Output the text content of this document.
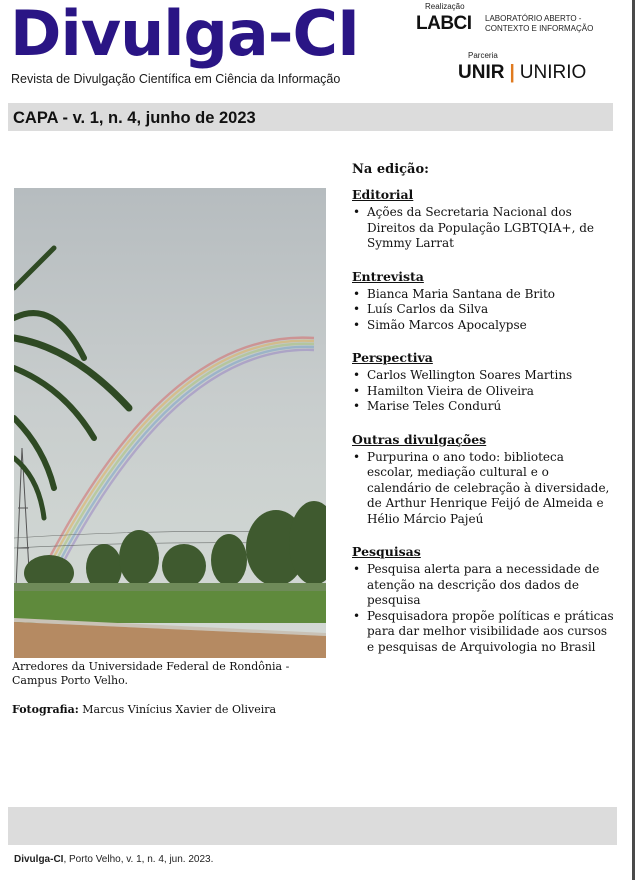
Divulga-CI
Revista de Divulgação Científica em Ciência da Informação
Realização
LABCI LABORATÓRIO ABERTO -
CONTEXTO E INFORMAÇÃO
Parceria
UNIR | UNIRIO
CAPA - v. 1, n. 4, junho de 2023
Arredores da Universidade Federal de Rondônia - Campus Porto Velho.
Fotografia: Marcus Vinícius Xavier de Oliveira
Na edição:
Editorial
• Ações da Secretaria Nacional dos Direitos da População LGBTQIA+, de Symmy Larrat
Entrevista
• Bianca Maria Santana de Brito
• Luís Carlos da Silva
• Simão Marcos Apocalypse
Perspectiva
• Carlos Wellington Soares Martins
• Hamilton Vieira de Oliveira
• Marise Teles Condurú
Outras divulgações
• Purpurina o ano todo: biblioteca escolar, mediação cultural e o calendário de celebração à diversidade, de Arthur Henrique Feijó de Almeida e Hélio Márcio Pajeú
Pesquisas
• Pesquisa alerta para a necessidade de atenção na descrição dos dados de pesquisa
• Pesquisadora propõe políticas e práticas para dar melhor visibilidade aos cursos e pesquisas de Arquivologia no Brasil
Divulga-CI, Porto Velho, v. 1, n. 4, jun. 2023.
